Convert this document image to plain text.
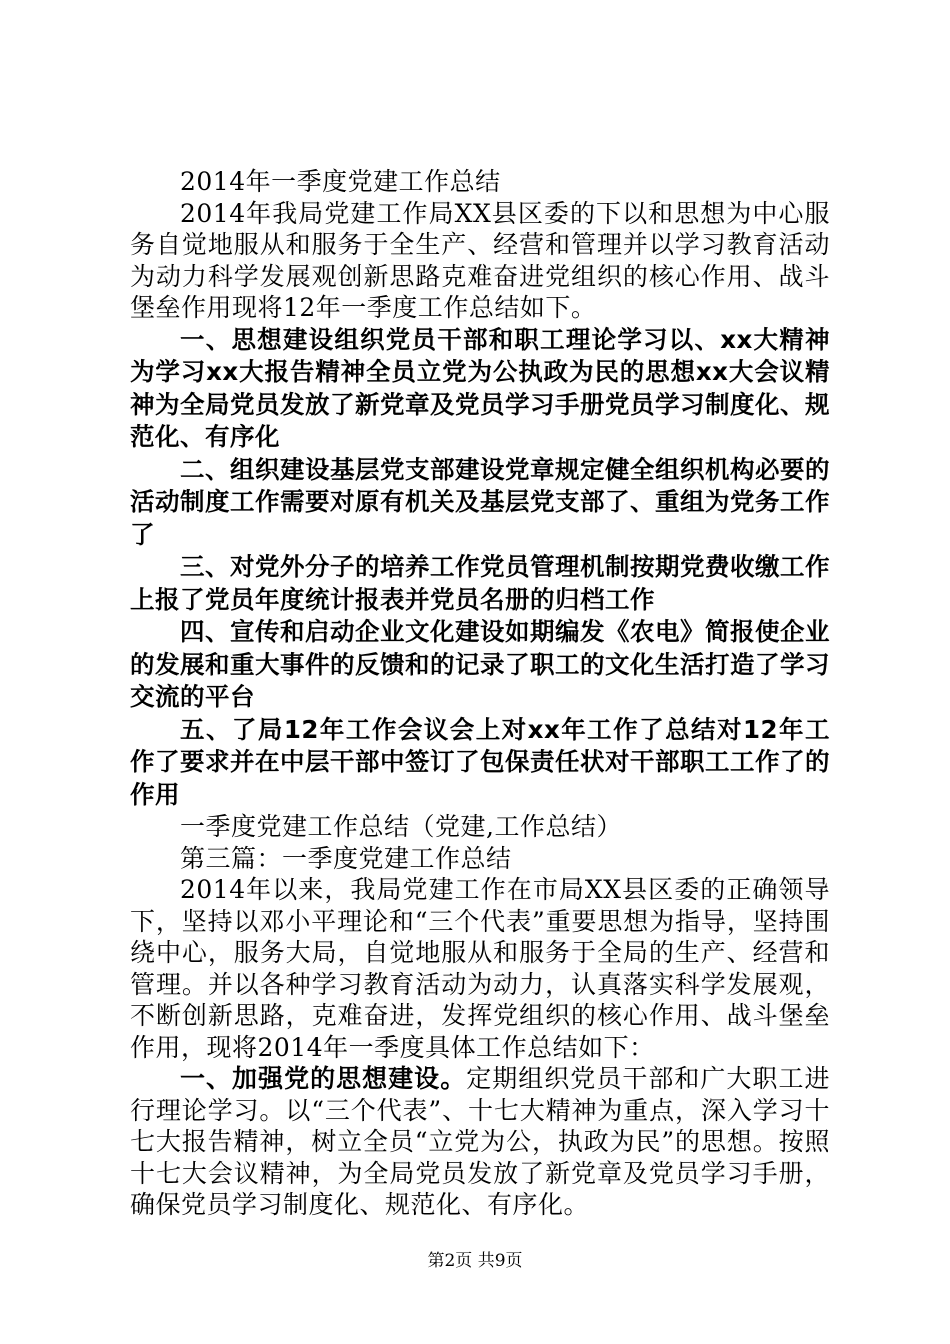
2014年一季度党建工作总结

2014年我局党建工作局XX县区委的下以和思想为中心服务自觉地服从和服务于全生产、经营和管理并以学习教育活动为动力科学发展观创新思路克难奋进党组织的核心作用、战斗堡垒作用现将12年一季度工作总结如下。

一、思想建设组织党员干部和职工理论学习以、xx大精神为学习xx大报告精神全员立党为公执政为民的思想xx大会议精神为全局党员发放了新党章及党员学习手册党员学习制度化、规范化、有序化

二、组织建设基层党支部建设党章规定健全组织机构必要的活动制度工作需要对原有机关及基层党支部了、重组为党务工作了

三、对党外分子的培养工作党员管理机制按期党费收缴工作上报了党员年度统计报表并党员名册的归档工作

四、宣传和启动企业文化建设如期编发《农电》简报使企业的发展和重大事件的反馈和的记录了职工的文化生活打造了学习交流的平台

五、了局12年工作会议会上对xx年工作了总结对12年工作了要求并在中层干部中签订了包保责任状对干部职工工作了的作用

一季度党建工作总结（党建,工作总结）

第三篇：一季度党建工作总结

2014年以来，我局党建工作在市局XX县区委的正确领导下，坚持以邓小平理论和“三个代表”重要思想为指导，坚持围绕中心，服务大局，自觉地服从和服务于全局的生产、经营和管理。并以各种学习教育活动为动力，认真落实科学发展观，不断创新思路，克难奋进，发挥党组织的核心作用、战斗堡垒作用，现将2014年一季度具体工作总结如下：

一、加强党的思想建设。定期组织党员干部和广大职工进行理论学习。以“三个代表”、十七大精神为重点，深入学习十七大报告精神，树立全员“立党为公，执政为民”的思想。按照十七大会议精神，为全局党员发放了新党章及党员学习手册，确保党员学习制度化、规范化、有序化。

第2页 共9页
